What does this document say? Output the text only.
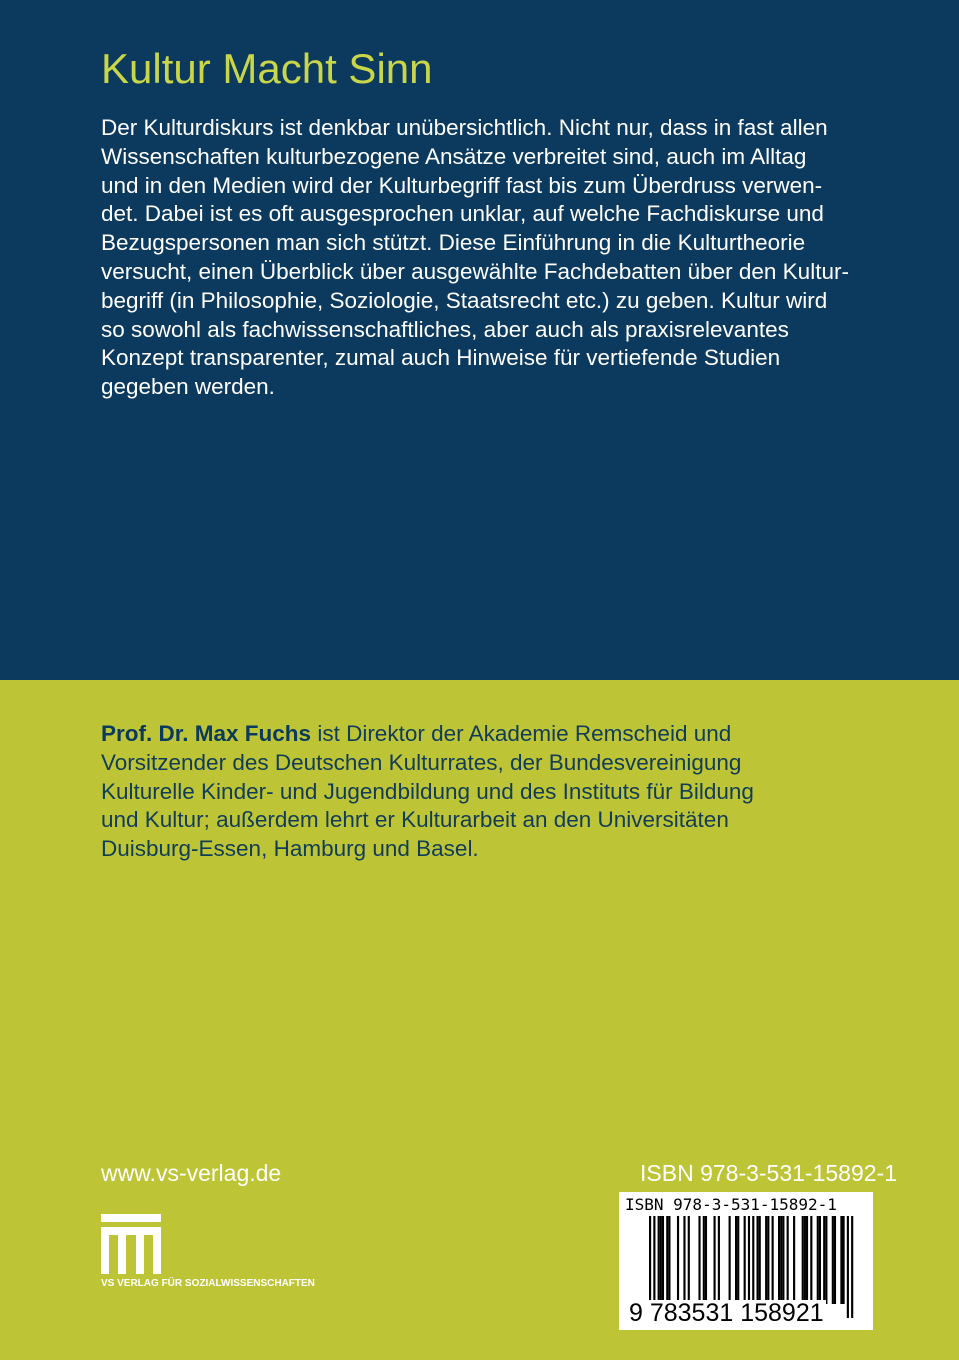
Kultur Macht Sinn
Der Kulturdiskurs ist denkbar unübersichtlich. Nicht nur, dass in fast allen
Wissenschaften kulturbezogene Ansätze verbreitet sind, auch im Alltag
und in den Medien wird der Kulturbegriff fast bis zum Überdruss verwen-
det. Dabei ist es oft ausgesprochen unklar, auf welche Fachdiskurse und
Bezugspersonen man sich stützt. Diese Einführung in die Kulturtheorie
versucht, einen Überblick über ausgewählte Fachdebatten über den Kultur-
begriff (in Philosophie, Soziologie, Staatsrecht etc.) zu geben. Kultur wird
so sowohl als fachwissenschaftliches, aber auch als praxisrelevantes
Konzept transparenter, zumal auch Hinweise für vertiefende Studien
gegeben werden.
Prof. Dr. Max Fuchs ist Direktor der Akademie Remscheid und
Vorsitzender des Deutschen Kulturrates, der Bundesvereinigung
Kulturelle Kinder- und Jugendbildung und des Instituts für Bildung
und Kultur; außerdem lehrt er Kulturarbeit an den Universitäten
Duisburg-Essen, Hamburg und Basel.
www.vs-verlag.de	ISBN 978-3-531-15892-1
VS VERLAG FÜR SOZIALWISSENSCHAFTEN
ISBN 978-3-531-15892-1
9 783531 158921
